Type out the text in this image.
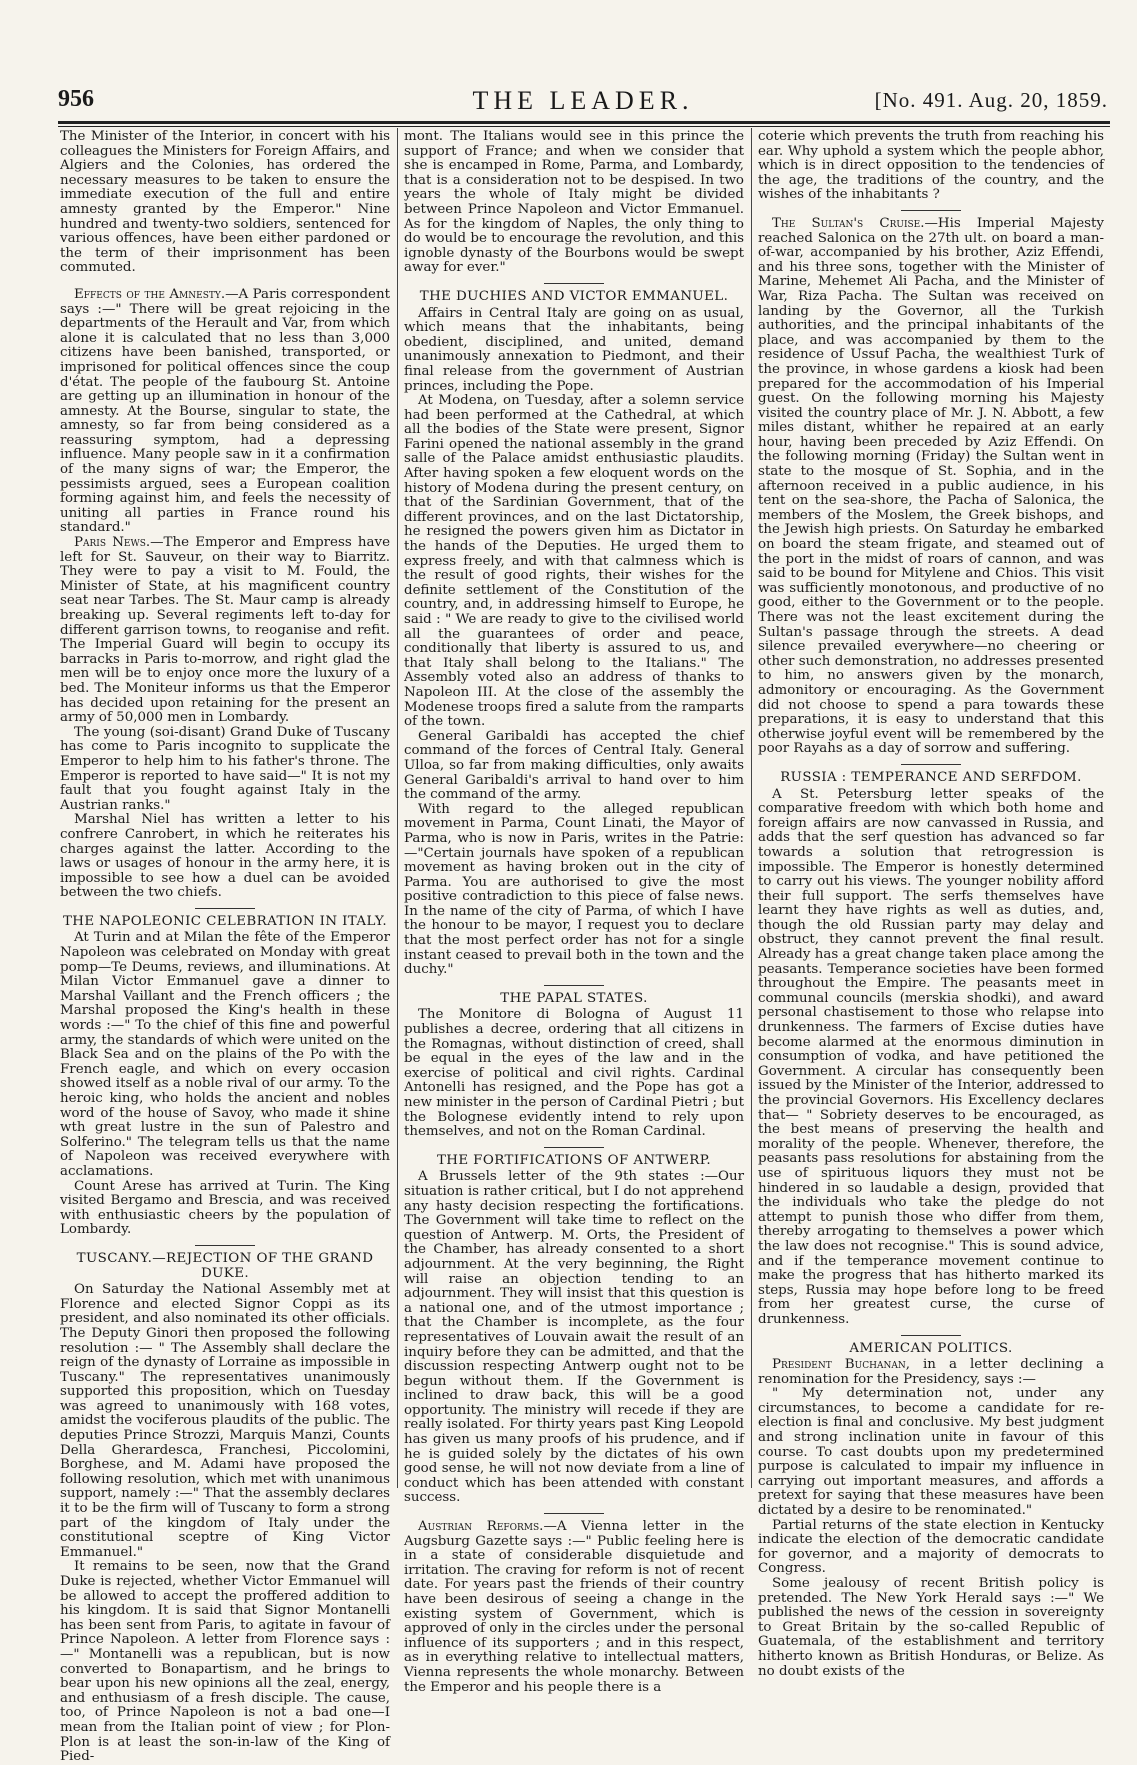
956	THE LEADER.	[No. 491. Aug. 20, 1859.

The Minister of the Interior, in concert with his colleagues the Ministers for Foreign Affairs, and Algiers and the Colonies, has ordered the necessary measures to be taken to ensure the immediate execution of the full and entire amnesty granted by the Emperor." Nine hundred and twenty-two soldiers, sentenced for various offences, have been either pardoned or the term of their imprisonment has been commuted.

Effects of the Amnesty.—A Paris correspondent says :—" There will be great rejoicing in the departments of the Herault and Var, from which alone it is calculated that no less than 3,000 citizens have been banished, transported, or imprisoned for political offences since the coup d'état. The people of the faubourg St. Antoine are getting up an illumination in honour of the amnesty. At the Bourse, singular to state, the amnesty, so far from being considered as a reassuring symptom, had a depressing influence. Many people saw in it a confirmation of the many signs of war; the Emperor, the pessimists argued, sees a European coalition forming against him, and feels the necessity of uniting all parties in France round his standard."

Paris News.—The Emperor and Empress have left for St. Sauveur, on their way to Biarritz. They were to pay a visit to M. Fould, the Minister of State, at his magnificent country seat near Tarbes. The St. Maur camp is already breaking up. Several regiments left to-day for different garrison towns, to reoganise and refit. The Imperial Guard will begin to occupy its barracks in Paris to-morrow, and right glad the men will be to enjoy once more the luxury of a bed. The Moniteur informs us that the Emperor has decided upon retaining for the present an army of 50,000 men in Lombardy.

The young (soi-disant) Grand Duke of Tuscany has come to Paris incognito to supplicate the Emperor to help him to his father's throne. The Emperor is reported to have said—" It is not my fault that you fought against Italy in the Austrian ranks."

Marshal Niel has written a letter to his confrere Canrobert, in which he reiterates his charges against the latter. According to the laws or usages of honour in the army here, it is impossible to see how a duel can be avoided between the two chiefs.

THE NAPOLEONIC CELEBRATION IN ITALY.

At Turin and at Milan the fête of the Emperor Napoleon was celebrated on Monday with great pomp—Te Deums, reviews, and illuminations. At Milan Victor Emmanuel gave a dinner to Marshal Vaillant and the French officers ; the Marshal proposed the King's health in these words :—" To the chief of this fine and powerful army, the standards of which were united on the Black Sea and on the plains of the Po with the French eagle, and which on every occasion showed itself as a noble rival of our army. To the heroic king, who holds the ancient and nobles word of the house of Savoy, who made it shine wth great lustre in the sun of Palestro and Solferino." The telegram tells us that the name of Napoleon was received everywhere with acclamations.

Count Arese has arrived at Turin. The King visited Bergamo and Brescia, and was received with enthusiastic cheers by the population of Lombardy.

TUSCANY.—REJECTION OF THE GRAND DUKE.

On Saturday the National Assembly met at Florence and elected Signor Coppi as its president, and also nominated its other officials. The Deputy Ginori then proposed the following resolution :— " The Assembly shall declare the reign of the dynasty of Lorraine as impossible in Tuscany." The representatives unanimously supported this proposition, which on Tuesday was agreed to unanimously with 168 votes, amidst the vociferous plaudits of the public. The deputies Prince Strozzi, Marquis Manzi, Counts Della Gherardesca, Franchesi, Piccolomini, Borghese, and M. Adami have proposed the following resolution, which met with unanimous support, namely :—" That the assembly declares it to be the firm will of Tuscany to form a strong part of the kingdom of Italy under the constitutional sceptre of King Victor Emmanuel."

It remains to be seen, now that the Grand Duke is rejected, whether Victor Emmanuel will be allowed to accept the proffered addition to his kingdom. It is said that Signor Montanelli has been sent from Paris, to agitate in favour of Prince Napoleon. A letter from Florence says :—" Montanelli was a republican, but is now converted to Bonapartism, and he brings to bear upon his new opinions all the zeal, energy, and enthusiasm of a fresh disciple. The cause, too, of Prince Napoleon is not a bad one—I mean from the Italian point of view ; for Plon-Plon is at least the son-in-law of the King of Pied-

mont. The Italians would see in this prince the support of France; and when we consider that she is encamped in Rome, Parma, and Lombardy, that is a consideration not to be despised. In two years the whole of Italy might be divided between Prince Napoleon and Victor Emmanuel. As for the kingdom of Naples, the only thing to do would be to encourage the revolution, and this ignoble dynasty of the Bourbons would be swept away for ever."

THE DUCHIES AND VICTOR EMMANUEL.

Affairs in Central Italy are going on as usual, which means that the inhabitants, being obedient, disciplined, and united, demand unanimously annexation to Piedmont, and their final release from the government of Austrian princes, including the Pope.

At Modena, on Tuesday, after a solemn service had been performed at the Cathedral, at which all the bodies of the State were present, Signor Farini opened the national assembly in the grand salle of the Palace amidst enthusiastic plaudits. After having spoken a few eloquent words on the history of Modena during the present century, on that of the Sardinian Government, that of the different provinces, and on the last Dictatorship, he resigned the powers given him as Dictator in the hands of the Deputies. He urged them to express freely, and with that calmness which is the result of good rights, their wishes for the definite settlement of the Constitution of the country, and, in addressing himself to Europe, he said : " We are ready to give to the civilised world all the guarantees of order and peace, conditionally that liberty is assured to us, and that Italy shall belong to the Italians." The Assembly voted also an address of thanks to Napoleon III. At the close of the assembly the Modenese troops fired a salute from the ramparts of the town.

General Garibaldi has accepted the chief command of the forces of Central Italy. General Ulloa, so far from making difficulties, only awaits General Garibaldi's arrival to hand over to him the command of the army.

With regard to the alleged republican movement in Parma, Count Linati, the Mayor of Parma, who is now in Paris, writes in the Patrie:—"Certain journals have spoken of a republican movement as having broken out in the city of Parma. You are authorised to give the most positive contradiction to this piece of false news. In the name of the city of Parma, of which I have the honour to be mayor, I request you to declare that the most perfect order has not for a single instant ceased to prevail both in the town and the duchy."

THE PAPAL STATES.

The Monitore di Bologna of August 11 publishes a decree, ordering that all citizens in the Romagnas, without distinction of creed, shall be equal in the eyes of the law and in the exercise of political and civil rights. Cardinal Antonelli has resigned, and the Pope has got a new minister in the person of Cardinal Pietri ; but the Bolognese evidently intend to rely upon themselves, and not on the Roman Cardinal.

THE FORTIFICATIONS OF ANTWERP.

A Brussels letter of the 9th states :—Our situation is rather critical, but I do not apprehend any hasty decision respecting the fortifications. The Government will take time to reflect on the question of Antwerp. M. Orts, the President of the Chamber, has already consented to a short adjournment. At the very beginning, the Right will raise an objection tending to an adjournment. They will insist that this question is a national one, and of the utmost importance ; that the Chamber is incomplete, as the four representatives of Louvain await the result of an inquiry before they can be admitted, and that the discussion respecting Antwerp ought not to be begun without them. If the Government is inclined to draw back, this will be a good opportunity. The ministry will recede if they are really isolated. For thirty years past King Leopold has given us many proofs of his prudence, and if he is guided solely by the dictates of his own good sense, he will not now deviate from a line of conduct which has been attended with constant success.

Austrian Reforms.—A Vienna letter in the Augsburg Gazette says :—" Public feeling here is in a state of considerable disquietude and irritation. The craving for reform is not of recent date. For years past the friends of their country have been desirous of seeing a change in the existing system of Government, which is approved of only in the circles under the personal influence of its supporters ; and in this respect, as in everything relative to intellectual matters, Vienna represents the whole monarchy. Between the Emperor and his people there is a

coterie which prevents the truth from reaching his ear. Why uphold a system which the people abhor, which is in direct opposition to the tendencies of the age, the traditions of the country, and the wishes of the inhabitants ?

The Sultan's Cruise.—His Imperial Majesty reached Salonica on the 27th ult. on board a man-of-war, accompanied by his brother, Aziz Effendi, and his three sons, together with the Minister of Marine, Mehemet Ali Pacha, and the Minister of War, Riza Pacha. The Sultan was received on landing by the Governor, all the Turkish authorities, and the principal inhabitants of the place, and was accompanied by them to the residence of Ussuf Pacha, the wealthiest Turk of the province, in whose gardens a kiosk had been prepared for the accommodation of his Imperial guest. On the following morning his Majesty visited the country place of Mr. J. N. Abbott, a few miles distant, whither he repaired at an early hour, having been preceded by Aziz Effendi. On the following morning (Friday) the Sultan went in state to the mosque of St. Sophia, and in the afternoon received in a public audience, in his tent on the sea-shore, the Pacha of Salonica, the members of the Moslem, the Greek bishops, and the Jewish high priests. On Saturday he embarked on board the steam frigate, and steamed out of the port in the midst of roars of cannon, and was said to be bound for Mitylene and Chios. This visit was sufficiently monotonous, and productive of no good, either to the Government or to the people. There was not the least excitement during the Sultan's passage through the streets. A dead silence prevailed everywhere—no cheering or other such demonstration, no addresses presented to him, no answers given by the monarch, admonitory or encouraging. As the Government did not choose to spend a para towards these preparations, it is easy to understand that this otherwise joyful event will be remembered by the poor Rayahs as a day of sorrow and suffering.

RUSSIA : TEMPERANCE AND SERFDOM.

A St. Petersburg letter speaks of the comparative freedom with which both home and foreign affairs are now canvassed in Russia, and adds that the serf question has advanced so far towards a solution that retrogression is impossible. The Emperor is honestly determined to carry out his views. The younger nobility afford their full support. The serfs themselves have learnt they have rights as well as duties, and, though the old Russian party may delay and obstruct, they cannot prevent the final result. Already has a great change taken place among the peasants. Temperance societies have been formed throughout the Empire. The peasants meet in communal councils (merskia shodki), and award personal chastisement to those who relapse into drunkenness. The farmers of Excise duties have become alarmed at the enormous diminution in consumption of vodka, and have petitioned the Government. A circular has consequently been issued by the Minister of the Interior, addressed to the provincial Governors. His Excellency declares that— " Sobriety deserves to be encouraged, as the best means of preserving the health and morality of the people. Whenever, therefore, the peasants pass resolutions for abstaining from the use of spirituous liquors they must not be hindered in so laudable a design, provided that the individuals who take the pledge do not attempt to punish those who differ from them, thereby arrogating to themselves a power which the law does not recognise." This is sound advice, and if the temperance movement continue to make the progress that has hitherto marked its steps, Russia may hope before long to be freed from her greatest curse, the curse of drunkenness.

AMERICAN POLITICS.

President Buchanan, in a letter declining a renomination for the Presidency, says :—

" My determination not, under any circumstances, to become a candidate for re-election is final and conclusive. My best judgment and strong inclination unite in favour of this course. To cast doubts upon my predetermined purpose is calculated to impair my influence in carrying out important measures, and affords a pretext for saying that these measures have been dictated by a desire to be renominated."

Partial returns of the state election in Kentucky indicate the election of the democratic candidate for governor, and a majority of democrats to Congress.

Some jealousy of recent British policy is pretended. The New York Herald says :—" We published the news of the cession in sovereignty to Great Britain by the so-called Republic of Guatemala, of the establishment and territory hitherto known as British Honduras, or Belize. As no doubt exists of the
